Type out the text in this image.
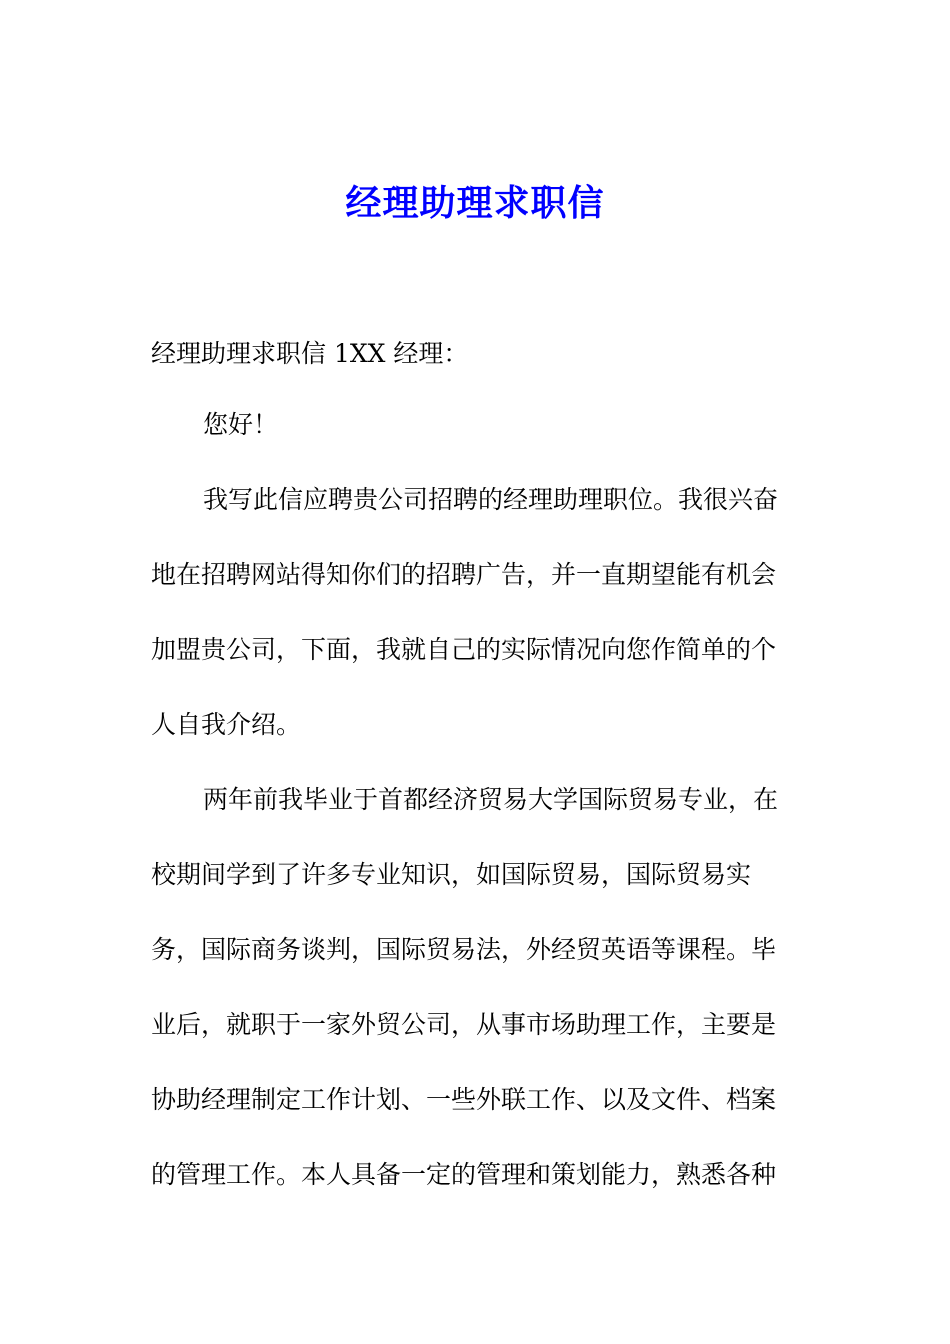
经理助理求职信
经理助理求职信 1XX 经理：
您好！
我写此信应聘贵公司招聘的经理助理职位。我很兴奋
地在招聘网站得知你们的招聘广告，并一直期望能有机会
加盟贵公司，下面，我就自己的实际情况向您作简单的个
人自我介绍。
两年前我毕业于首都经济贸易大学国际贸易专业，在
校期间学到了许多专业知识，如国际贸易，国际贸易实
务，国际商务谈判，国际贸易法，外经贸英语等课程。毕
业后，就职于一家外贸公司，从事市场助理工作，主要是
协助经理制定工作计划、一些外联工作、以及文件、档案
的管理工作。本人具备一定的管理和策划能力，熟悉各种
